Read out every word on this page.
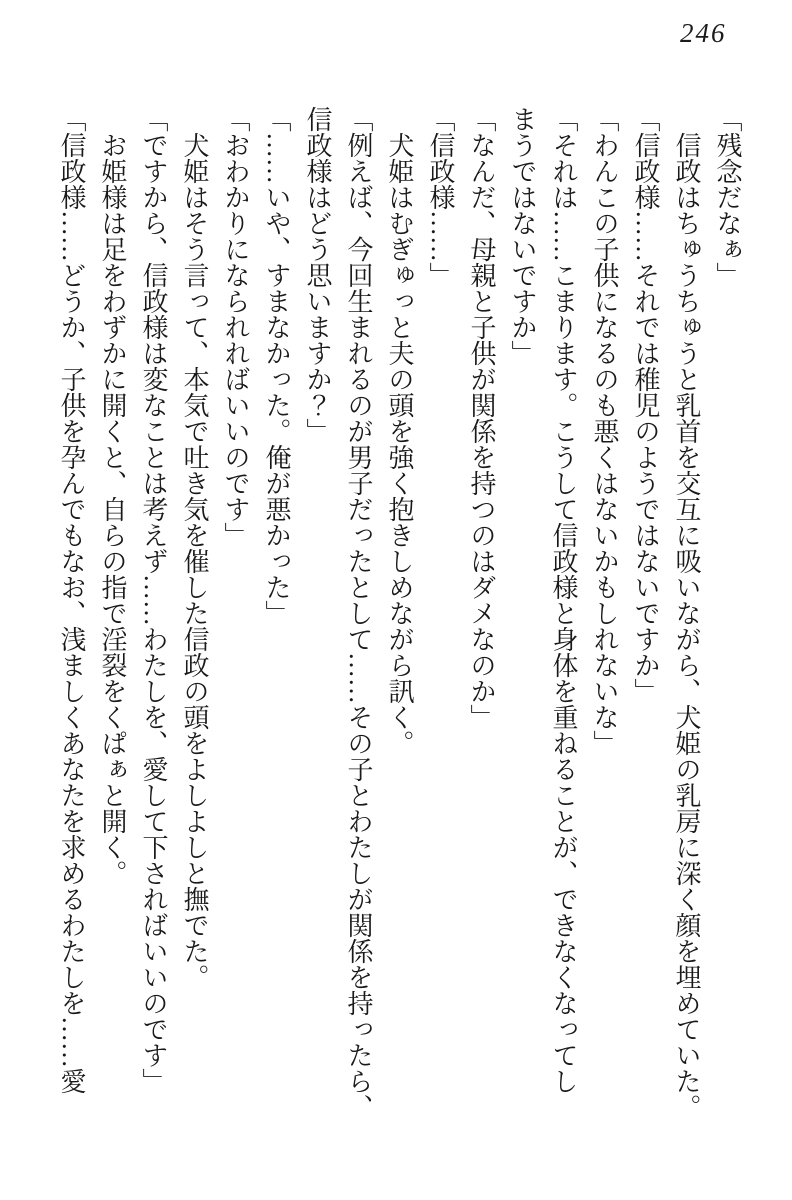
246

「残念だなぁ」

信政はちゅうちゅうと乳首を交互に吸いながら、犬姫の乳房に深く顔を埋めていた。

「信政様……それでは稚児のようではないですか」

「わんこの子供になるのも悪くはないかもしれないな」

「それは……こまります。こうして信政様と身体を重ねることが、できなくなってし

まうではないですか」

「なんだ、母親と子供が関係を持つのはダメなのか」

「信政様……」

犬姫はむぎゅっと夫の頭を強く抱きしめながら訊く。

「例えば、今回生まれるのが男子だったとして……その子とわたしが関係を持ったら、

信政様はどう思いますか？」

「……いや、すまなかった。俺が悪かった」

「おわかりになられればいいのです」

犬姫はそう言って、本気で吐き気を催した信政の頭をよしよしと撫でた。

「ですから、信政様は変なことは考えず……わたしを、愛して下さればいいのです」

お姫様は足をわずかに開くと、自らの指で淫裂をくぱぁと開く。

「信政様……どうか、子供を孕んでもなお、浅ましくあなたを求めるわたしを……愛
